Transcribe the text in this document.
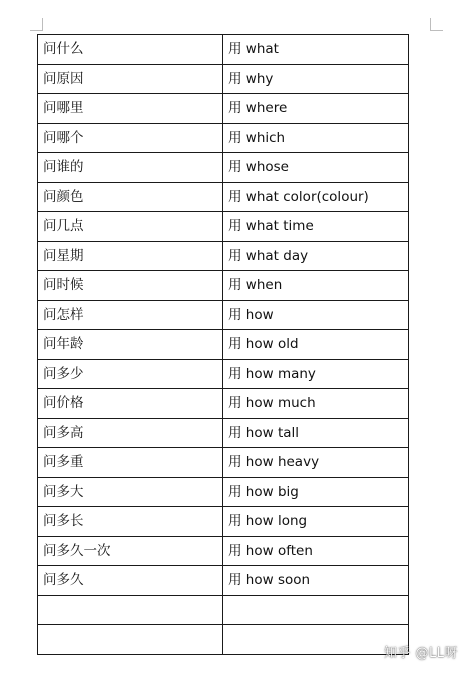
问什么	用 what
问原因	用 why
问哪里	用 where
问哪个	用 which
问谁的	用 whose
问颜色	用 what color(colour)
问几点	用 what time
问星期	用 what day
问时候	用 when
问怎样	用 how
问年龄	用 how old
问多少	用 how many
问价格	用 how much
问多高	用 how tall
问多重	用 how heavy
问多大	用 how big
问多长	用 how long
问多久一次	用 how often
问多久	用 how soon

知乎 @LL呀
